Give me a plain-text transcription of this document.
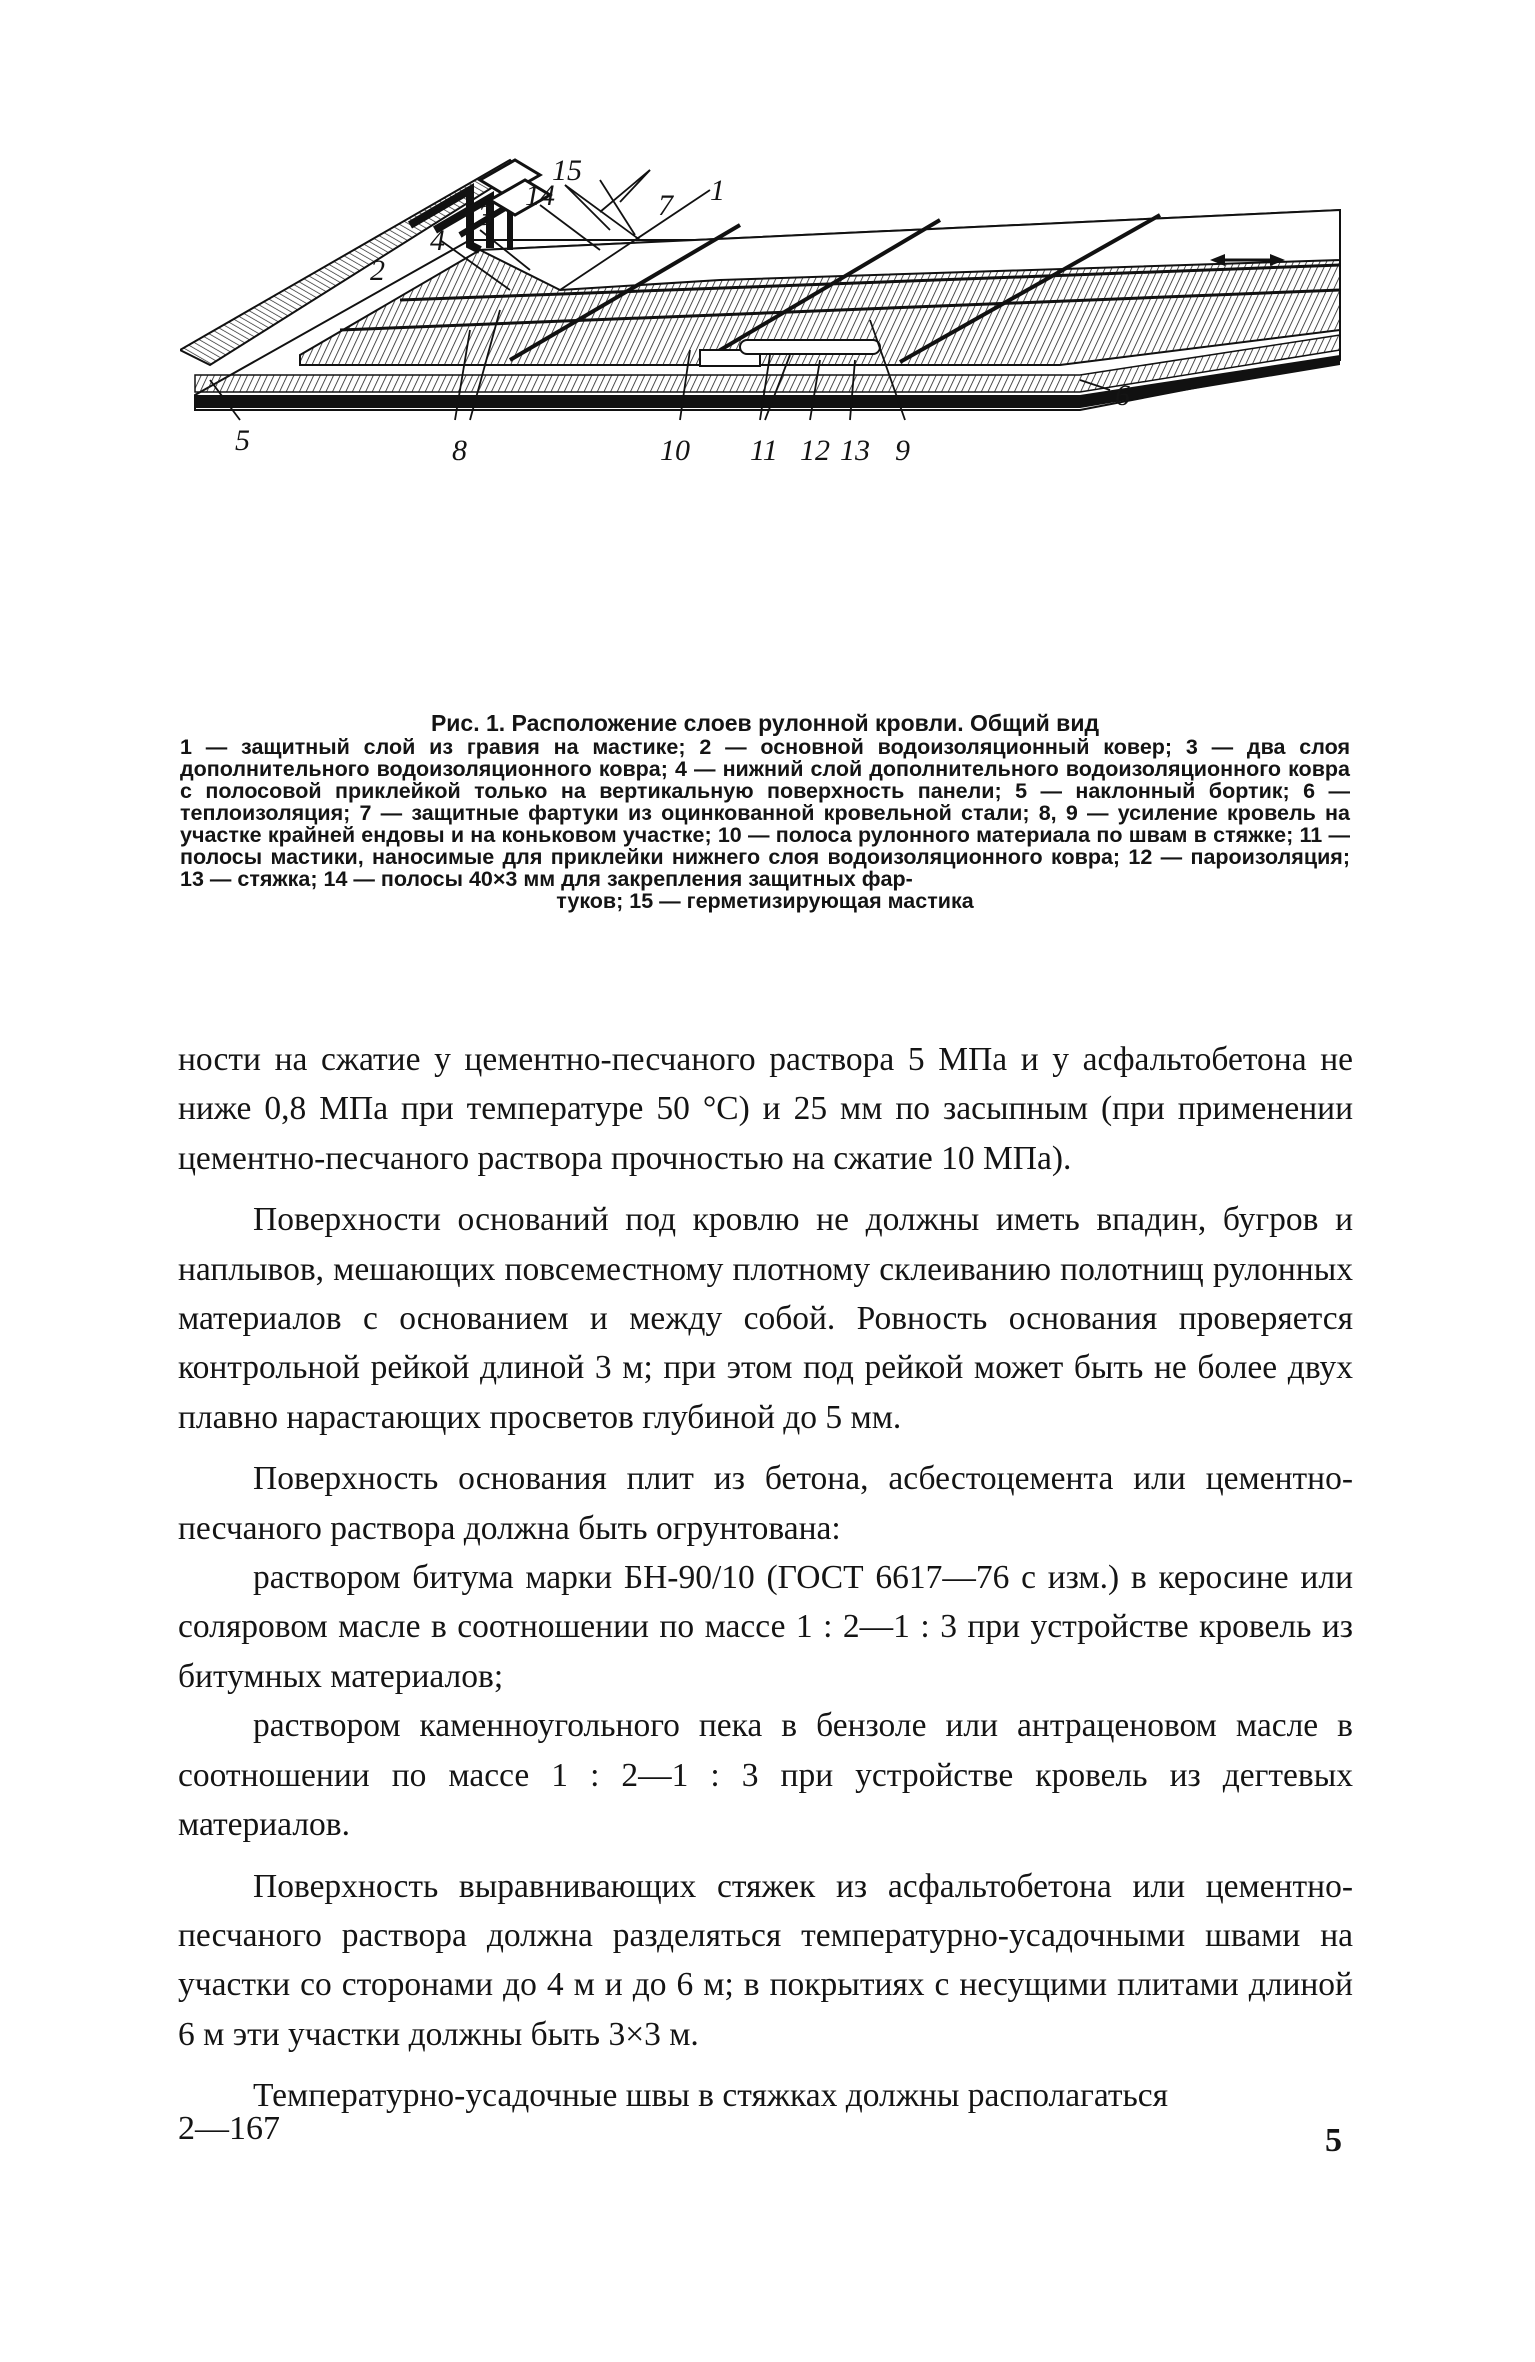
15
14	7
3
1
4
2
5	8	10 11 12 13 9
6
Рис. 1. Расположение слоев рулонной кровли. Общий вид
1 — защитный слой из гравия на мастике; 2 — основной водоизоляционный ковер; 3 — два слоя дополнительного водоизоляционного ковра; 4 — нижний слой дополнительного водоизоляционного ковра с полосовой приклейкой только на вертикальную поверхность панели; 5 — наклонный бортик; 6 — теплоизоляция; 7 — защитные фартуки из оцинкованной кровельной стали; 8, 9 — усиление кровель на участке крайней ендовы и на коньковом участке; 10 — полоса рулонного материала по швам в стяжке; 11 — полосы мастики, наносимые для приклейки нижнего слоя водоизоляционного ковра; 12 — пароизоляция; 13 — стяжка; 14 — полосы 40×3 мм для закрепления защитных фар-
туков; 15 — герметизирующая мастика

ности на сжатие у цементно-песчаного раствора 5 МПа и у асфальтобетона не ниже 0,8 МПа при температуре 50 °С) и 25 мм по засыпным (при применении цементно-песчаного раствора прочностью на сжатие 10 МПа).

Поверхности оснований под кровлю не должны иметь впадин, бугров и наплывов, мешающих повсеместному плотному склеиванию полотнищ рулонных материалов с основанием и между собой. Ровность основания проверяется контрольной рейкой длиной 3 м; при этом под рейкой может быть не более двух плавно нарастающих просветов глубиной до 5 мм.

Поверхность основания плит из бетона, асбестоцемента или цементно-песчаного раствора должна быть огрунтована:

раствором битума марки БН-90/10 (ГОСТ 6617—76 с изм.) в керосине или соляровом масле в соотношении по массе 1 : 2—1 : 3 при устройстве кровель из битумных материалов;

раствором каменноугольного пека в бензоле или антраценовом масле в соотношении по массе 1 : 2—1 : 3 при устройстве кровель из дегтевых материалов.

Поверхность выравнивающих стяжек из асфальтобетона или цементно-песчаного раствора должна разделяться температурно-усадочными швами на участки со сторонами до 4 м и до 6 м; в покрытиях с несущими плитами длиной 6 м эти участки должны быть 3×3 м.

Температурно-усадочные швы в стяжках должны располагаться

2—167	5
